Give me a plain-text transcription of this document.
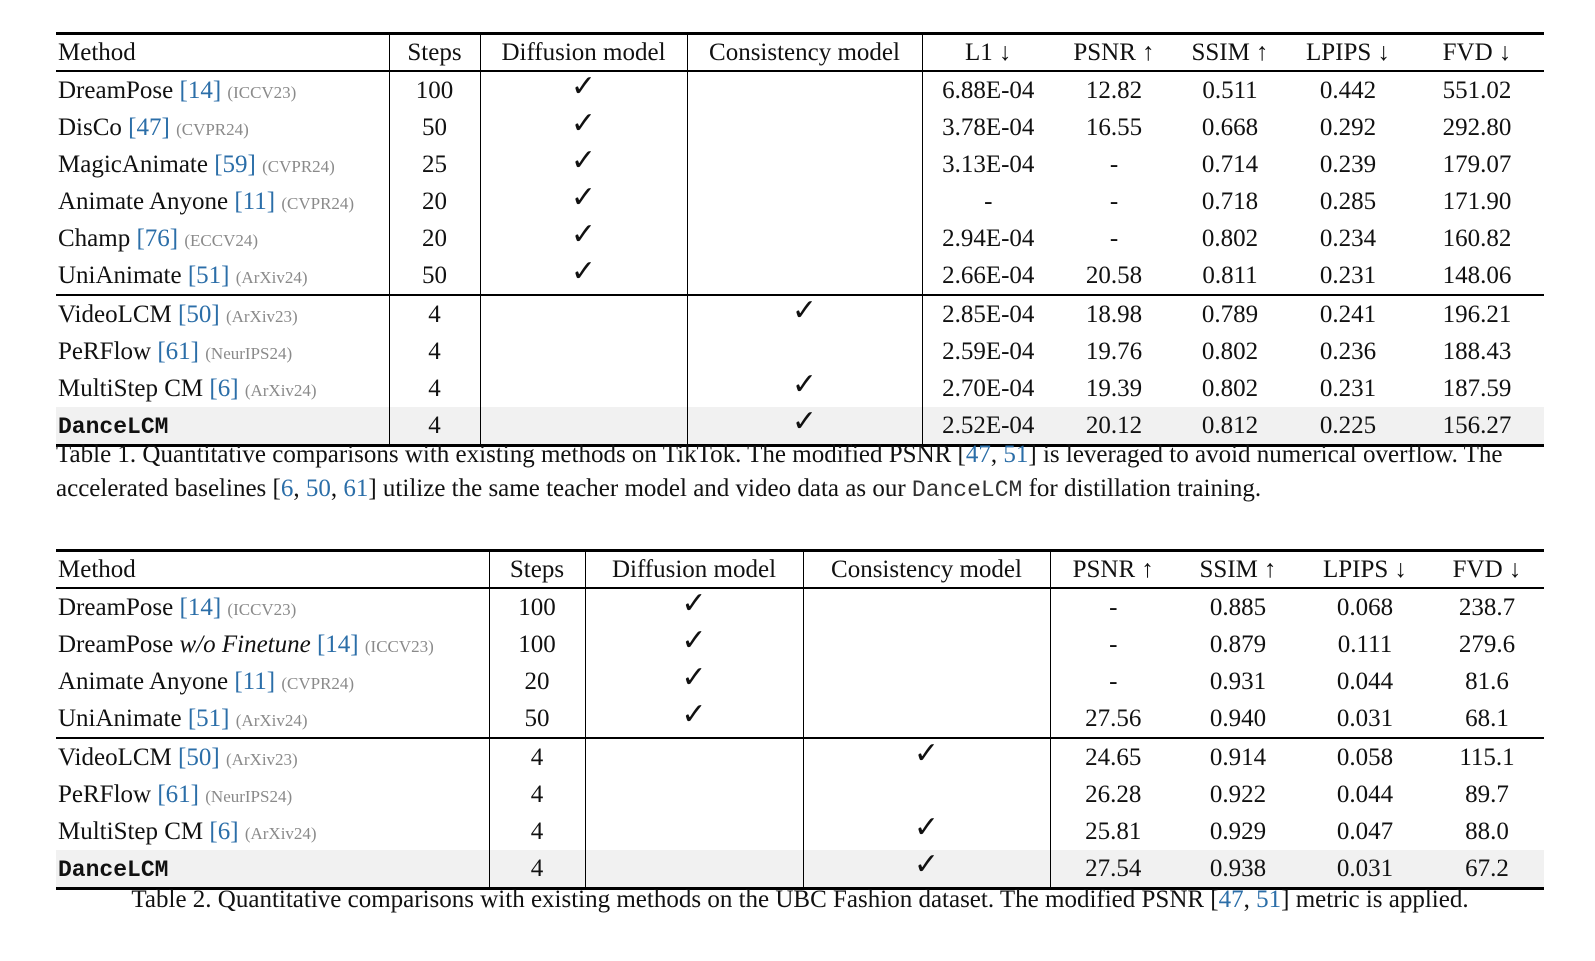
Method	Steps	Diffusion model	Consistency model	L1 ↓	PSNR ↑	SSIM ↑	LPIPS ↓	FVD ↓
DreamPose [14] (ICCV23)	100	✓		6.88E-04	12.82	0.511	0.442	551.02
DisCo [47] (CVPR24)	50	✓		3.78E-04	16.55	0.668	0.292	292.80
MagicAnimate [59] (CVPR24)	25	✓		3.13E-04	-	0.714	0.239	179.07
Animate Anyone [11] (CVPR24)	20	✓		-	-	0.718	0.285	171.90
Champ [76] (ECCV24)	20	✓		2.94E-04	-	0.802	0.234	160.82
UniAnimate [51] (ArXiv24)	50	✓		2.66E-04	20.58	0.811	0.231	148.06
VideoLCM [50] (ArXiv23)	4		✓	2.85E-04	18.98	0.789	0.241	196.21
PeRFlow [61] (NeurIPS24)	4			2.59E-04	19.76	0.802	0.236	188.43
MultiStep CM [6] (ArXiv24)	4		✓	2.70E-04	19.39	0.802	0.231	187.59
DanceLCM	4		✓	2.52E-04	20.12	0.812	0.225	156.27
Table 1. Quantitative comparisons with existing methods on TikTok. The modified PSNR [47, 51] is leveraged to avoid numerical overflow. The accelerated baselines [6, 50, 61] utilize the same teacher model and video data as our DanceLCM for distillation training.
Method	Steps	Diffusion model	Consistency model	PSNR ↑	SSIM ↑	LPIPS ↓	FVD ↓
DreamPose [14] (ICCV23)	100	✓		-	0.885	0.068	238.7
DreamPose w/o Finetune [14] (ICCV23)	100	✓		-	0.879	0.111	279.6
Animate Anyone [11] (CVPR24)	20	✓		-	0.931	0.044	81.6
UniAnimate [51] (ArXiv24)	50	✓		27.56	0.940	0.031	68.1
VideoLCM [50] (ArXiv23)	4		✓	24.65	0.914	0.058	115.1
PeRFlow [61] (NeurIPS24)	4			26.28	0.922	0.044	89.7
MultiStep CM [6] (ArXiv24)	4		✓	25.81	0.929	0.047	88.0
DanceLCM	4		✓	27.54	0.938	0.031	67.2
Table 2. Quantitative comparisons with existing methods on the UBC Fashion dataset. The modified PSNR [47, 51] metric is applied.
